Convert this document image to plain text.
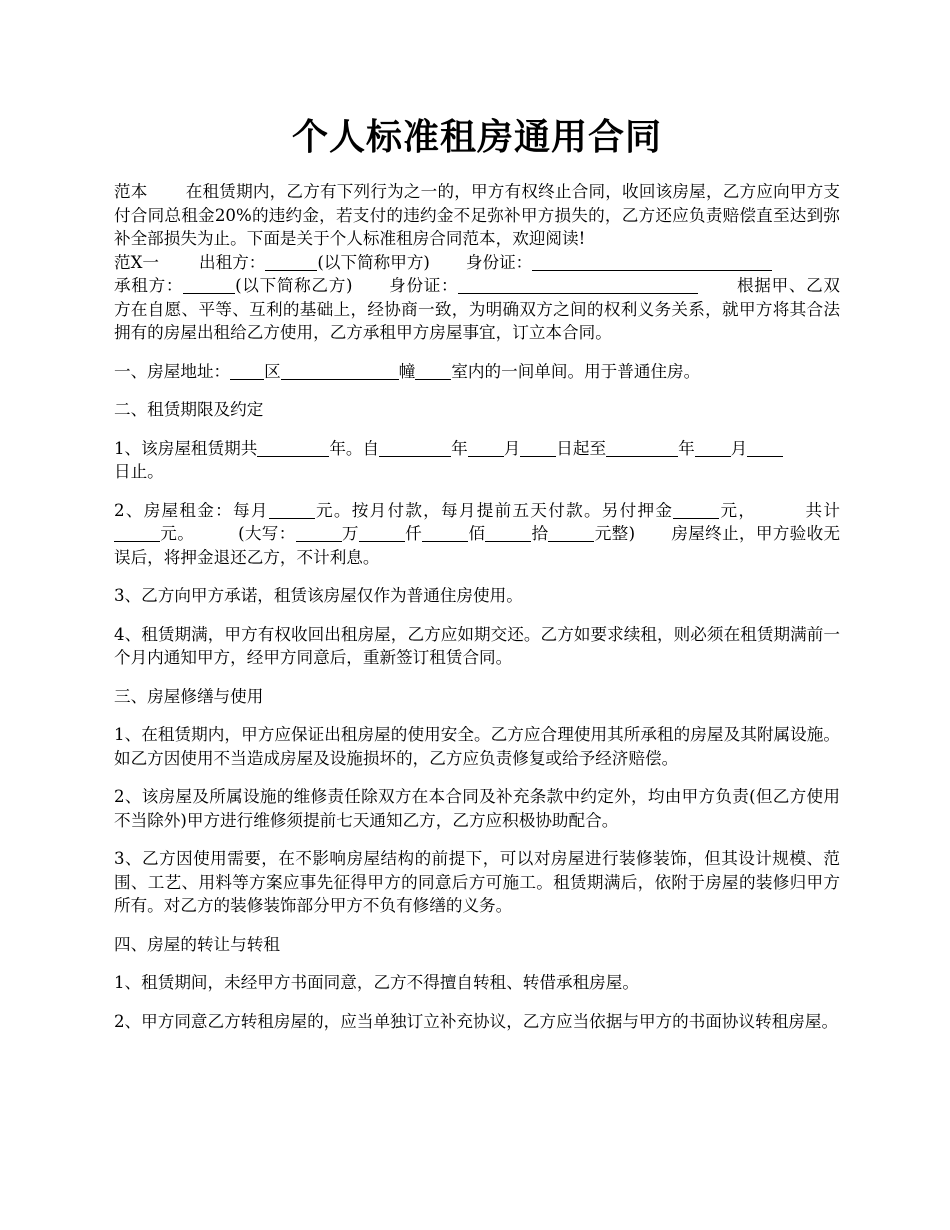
个人标准租房通用合同

范本 在租赁期内，乙方有下列行为之一的，甲方有权终止合同，收回该房屋，乙方应向甲方支付合同总租金20%的违约金，若支付的违约金不足弥补甲方损失的，乙方还应负责赔偿直至达到弥补全部损失为止。下面是关于个人标准租房合同范本，欢迎阅读!
范X一 出租方：	(以下简称甲方) 身份证：
承租方：	(以下简称乙方) 身份证：	根据甲、乙双方在自愿、平等、互利的基础上，经协商一致，为明确双方之间的权利义务关系，就甲方将其合法拥有的房屋出租给乙方使用，乙方承租甲方房屋事宜，订立本合同。

一、房屋地址： 区	幢 室内的一间单间。用于普通住房。

二、租赁期限及约定

1、该房屋租赁期共	年。自	年 月 日起至	年 月
日止。

2、房屋租金：每月	元。按月付款，每月提前五天付款。另付押金	元，	共计元。	(大写：	万	仟	佰	拾	元整) 房屋终止，甲方验收无误后，将押金退还乙方，不计利息。

3、乙方向甲方承诺，租赁该房屋仅作为普通住房使用。

4、租赁期满，甲方有权收回出租房屋，乙方应如期交还。乙方如要求续租，则必须在租赁期满前一个月内通知甲方，经甲方同意后，重新签订租赁合同。

三、房屋修缮与使用

1、在租赁期内，甲方应保证出租房屋的使用安全。乙方应合理使用其所承租的房屋及其附属设施。如乙方因使用不当造成房屋及设施损坏的，乙方应负责修复或给予经济赔偿。

2、该房屋及所属设施的维修责任除双方在本合同及补充条款中约定外，均由甲方负责(但乙方使用不当除外)甲方进行维修须提前七天通知乙方，乙方应积极协助配合。

3、乙方因使用需要，在不影响房屋结构的前提下，可以对房屋进行装修装饰，但其设计规模、范围、工艺、用料等方案应事先征得甲方的同意后方可施工。租赁期满后，依附于房屋的装修归甲方所有。对乙方的装修装饰部分甲方不负有修缮的义务。

四、房屋的转让与转租

1、租赁期间，未经甲方书面同意，乙方不得擅自转租、转借承租房屋。

2、甲方同意乙方转租房屋的，应当单独订立补充协议，乙方应当依据与甲方的书面协议转租房屋。
